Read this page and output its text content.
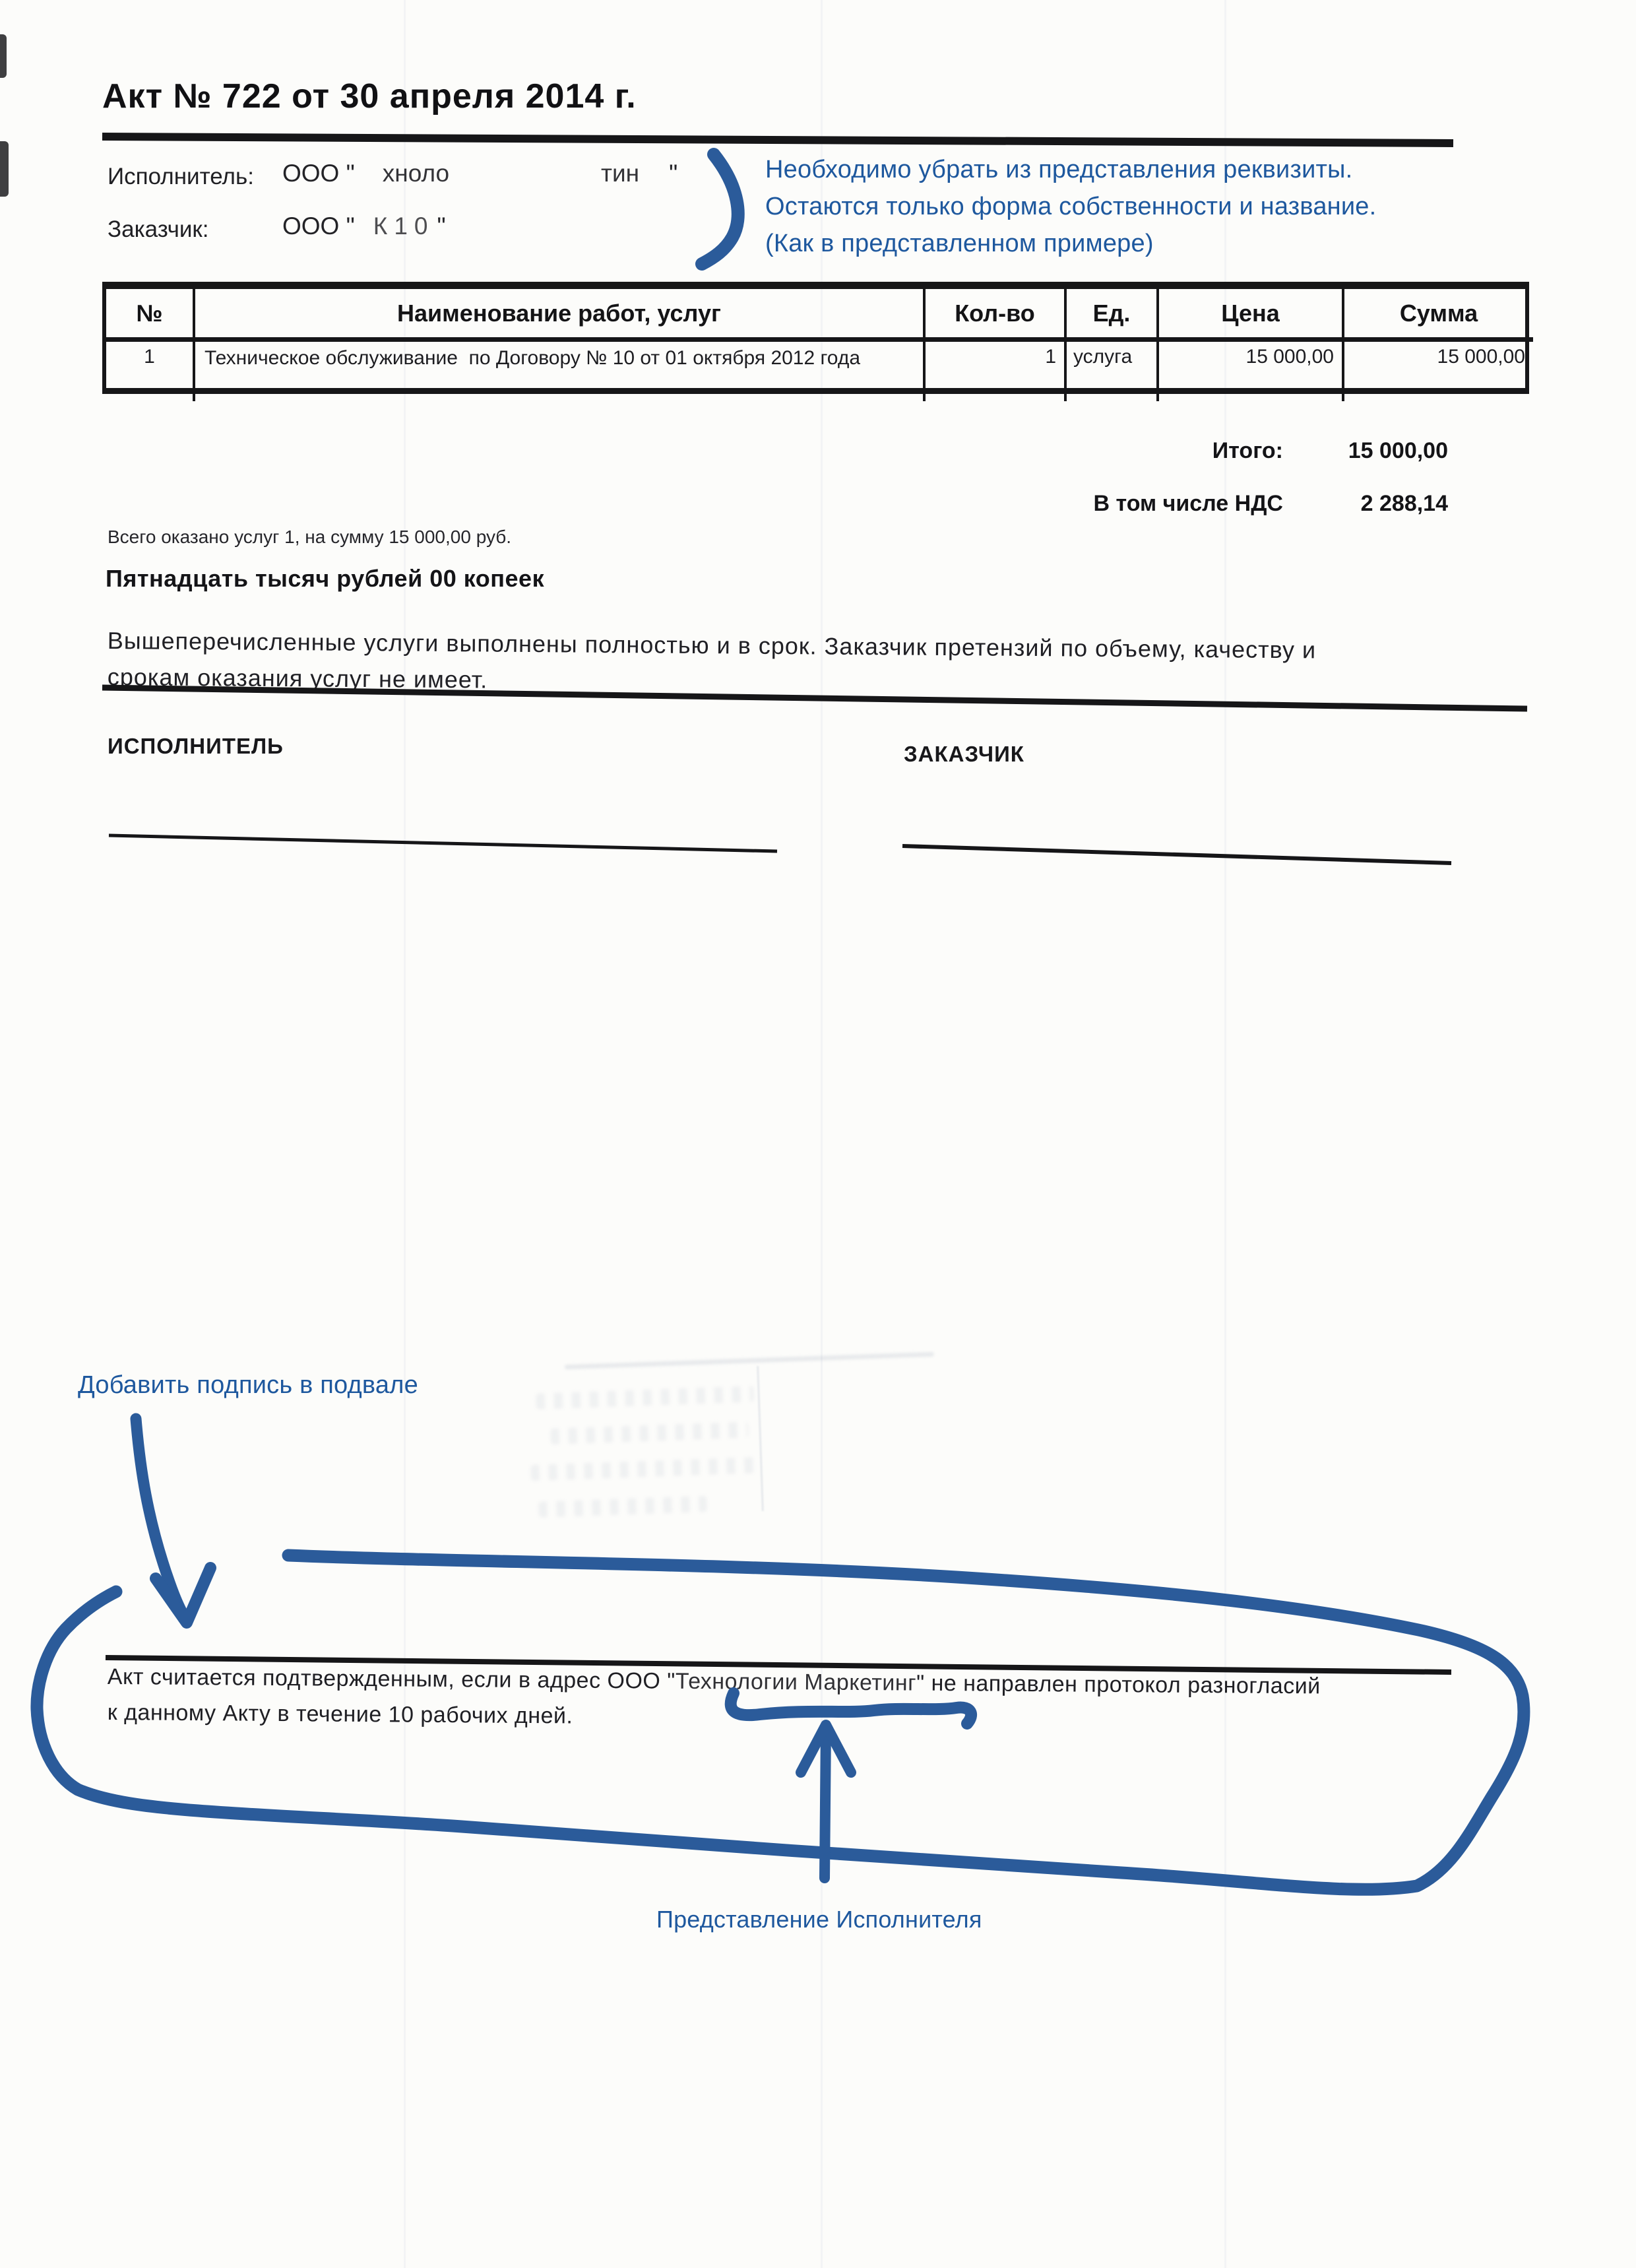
Акт № 722 от 30 апреля 2014 г.
Исполнитель: ООО " хноло	тин "
Заказчик:	ООО " К10 "
Необходимо убрать из представления реквизиты.
Остаются только форма собственности и название.
(Как в представленном примере)
№	Наименование работ, услуг	Кол-во	Ед.	Цена	Сумма
1	Техническое обслуживание  по Договору № 10 от 01 октября 2012 года	1 услуга	15 000,00	15 000,00
Итого:	15 000,00
В том числе НДС	2 288,14
Всего оказано услуг 1, на сумму 15 000,00 руб.
Пятнадцать тысяч рублей 00 копеек
Вышеперечисленные услуги выполнены полностью и в срок. Заказчик претензий по объему, качеству и
срокам оказания услуг не имеет.
ИСПОЛНИТЕЛЬ	ЗАКАЗЧИК
Добавить подпись в подвале
Акт считается подтвержденным, если в адрес ООО "Технологии Маркетинг" не направлен протокол разногласий
к данному Акту в течение 10 рабочих дней.
Представление Исполнителя
